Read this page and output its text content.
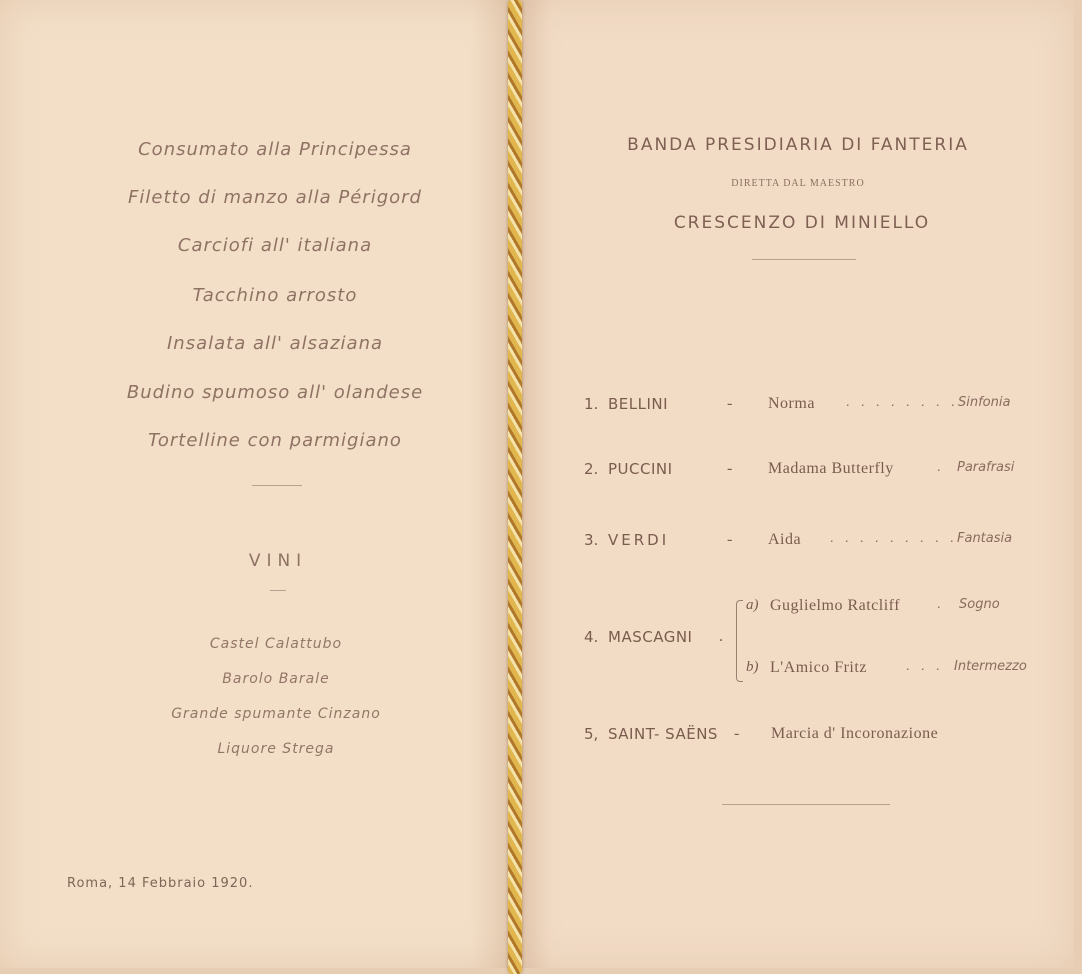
Consumato alla Principessa
Filetto di manzo alla Périgord
Carciofi all' italiana
Tacchino arrosto
Insalata all' alsaziana
Budino spumoso all' olandese
Tortelline con parmigiano
VINI
Castel Calattubo
Barolo Barale
Grande spumante Cinzano
Liquore Strega
Roma, 14 Febbraio 1920.
BANDA PRESIDIARIA DI FANTERIA
DIRETTA DAL MAESTRO
CRESCENZO DI MINIELLO
1. BELLINI	- Norma . . . . . . . . Sinfonia
2. PUCCINI	- Madama Butterfly	. Parafrasi
3. VERDI	- Aida . . . . . . . . . Fantasia
4. MASCAGNI .
a) Guglielmo Ratcliff	. Sogno
b) L'Amico Fritz	. . . Intermezzo
5, SAINT- SAËNS - Marcia d' Incoronazione
